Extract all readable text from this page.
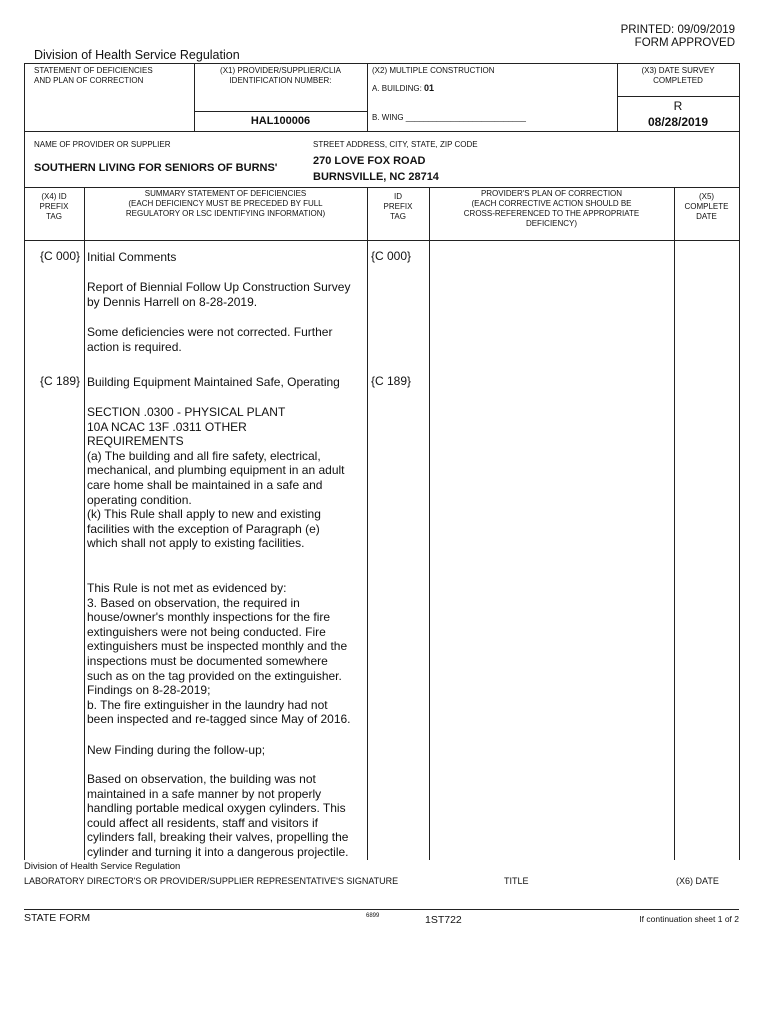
PRINTED: 09/09/2019
FORM APPROVED
Division of Health Service Regulation
STATEMENT OF DEFICIENCIES
AND PLAN OF CORRECTION
(X1) PROVIDER/SUPPLIER/CLIA
IDENTIFICATION NUMBER:
HAL100006
(X2) MULTIPLE CONSTRUCTION
A. BUILDING: 01
B. WING ___________________________
(X3) DATE SURVEY
COMPLETED
R
08/28/2019
NAME OF PROVIDER OR SUPPLIER
SOUTHERN LIVING FOR SENIORS OF BURNS'
STREET ADDRESS, CITY, STATE, ZIP CODE
270 LOVE FOX ROAD
BURNSVILLE, NC 28714
(X4) ID
PREFIX
TAG
SUMMARY STATEMENT OF DEFICIENCIES
(EACH DEFICIENCY MUST BE PRECEDED BY FULL
REGULATORY OR LSC IDENTIFYING INFORMATION)
ID
PREFIX
TAG
PROVIDER'S PLAN OF CORRECTION
(EACH CORRECTIVE ACTION SHOULD BE
CROSS-REFERENCED TO THE APPROPRIATE
DEFICIENCY)
(X5)
COMPLETE
DATE
{C 000} Initial Comments	{C 000}
Report of Biennial Follow Up Construction Survey
by Dennis Harrell on 8-28-2019.
Some deficiencies were not corrected. Further
action is required.
{C 189} Building Equipment Maintained Safe, Operating	{C 189}
SECTION .0300 - PHYSICAL PLANT
10A NCAC 13F .0311 OTHER
REQUIREMENTS
(a) The building and all fire safety, electrical,
mechanical, and plumbing equipment in an adult
care home shall be maintained in a safe and
operating condition.
(k) This Rule shall apply to new and existing
facilities with the exception of Paragraph (e)
which shall not apply to existing facilities.
This Rule is not met as evidenced by:
3. Based on observation, the required in
house/owner's monthly inspections for the fire
extinguishers were not being conducted. Fire
extinguishers must be inspected monthly and the
inspections must be documented somewhere
such as on the tag provided on the extinguisher.
Findings on 8-28-2019;
b. The fire extinguisher in the laundry had not
been inspected and re-tagged since May of 2016.
New Finding during the follow-up;
Based on observation, the building was not
maintained in a safe manner by not properly
handling portable medical oxygen cylinders. This
could affect all residents, staff and visitors if
cylinders fall, breaking their valves, propelling the
cylinder and turning it into a dangerous projectile.
Division of Health Service Regulation
LABORATORY DIRECTOR'S OR PROVIDER/SUPPLIER REPRESENTATIVE'S SIGNATURE	TITLE	(X6) DATE
STATE FORM	6899	1ST722	If continuation sheet 1 of 2
